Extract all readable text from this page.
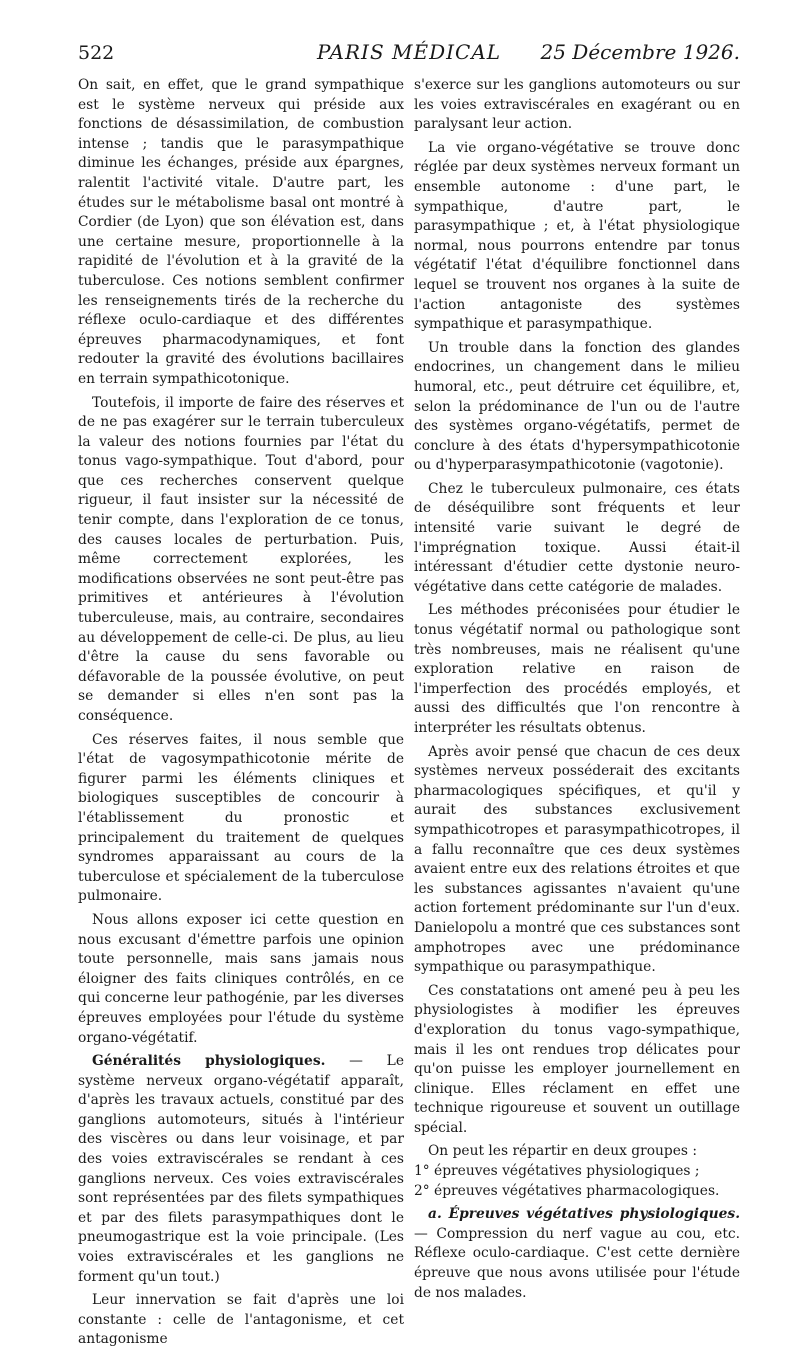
522	PARIS MÉDICAL	25 Décembre 1926.

On sait, en effet, que le grand sympathique est le système nerveux qui préside aux fonctions de désassimilation, de combustion intense ; tandis que le parasympathique diminue les échanges, préside aux épargnes, ralentit l'activité vitale. D'autre part, les études sur le métabolisme basal ont montré à Cordier (de Lyon) que son élévation est, dans une certaine mesure, proportionnelle à la rapidité de l'évolution et à la gravité de la tuberculose. Ces notions semblent confirmer les renseignements tirés de la recherche du réflexe oculo-cardiaque et des différentes épreuves pharmacodynamiques, et font redouter la gravité des évolutions bacillaires en terrain sympathicotonique.

Toutefois, il importe de faire des réserves et de ne pas exagérer sur le terrain tuberculeux la valeur des notions fournies par l'état du tonus vago-sympathique. Tout d'abord, pour que ces recherches conservent quelque rigueur, il faut insister sur la nécessité de tenir compte, dans l'exploration de ce tonus, des causes locales de perturbation. Puis, même correctement explorées, les modifications observées ne sont peut-être pas primitives et antérieures à l'évolution tuberculeuse, mais, au contraire, secondaires au développement de celle-ci. De plus, au lieu d'être la cause du sens favorable ou défavorable de la poussée évolutive, on peut se demander si elles n'en sont pas la conséquence.

Ces réserves faites, il nous semble que l'état de vagosympathicotonie mérite de figurer parmi les éléments cliniques et biologiques susceptibles de concourir à l'établissement du pronostic et principalement du traitement de quelques syndromes apparaissant au cours de la tuberculose et spécialement de la tuberculose pulmonaire.

Nous allons exposer ici cette question en nous excusant d'émettre parfois une opinion toute personnelle, mais sans jamais nous éloigner des faits cliniques contrôlés, en ce qui concerne leur pathogénie, par les diverses épreuves employées pour l'étude du système organo-végétatif.

Généralités physiologiques. — Le système nerveux organo-végétatif apparaît, d'après les travaux actuels, constitué par des ganglions automoteurs, situés à l'intérieur des viscères ou dans leur voisinage, et par des voies extraviscérales se rendant à ces ganglions nerveux. Ces voies extraviscérales sont représentées par des filets sympathiques et par des filets parasympathiques dont le pneumogastrique est la voie principale. (Les voies extraviscérales et les ganglions ne forment qu'un tout.)

Leur innervation se fait d'après une loi constante : celle de l'antagonisme, et cet antagonisme

s'exerce sur les ganglions automoteurs ou sur les voies extraviscérales en exagérant ou en paralysant leur action.

La vie organo-végétative se trouve donc réglée par deux systèmes nerveux formant un ensemble autonome : d'une part, le sympathique, d'autre part, le parasympathique ; et, à l'état physiologique normal, nous pourrons entendre par tonus végétatif l'état d'équilibre fonctionnel dans lequel se trouvent nos organes à la suite de l'action antagoniste des systèmes sympathique et parasympathique.

Un trouble dans la fonction des glandes endocrines, un changement dans le milieu humoral, etc., peut détruire cet équilibre, et, selon la prédominance de l'un ou de l'autre des systèmes organo-végétatifs, permet de conclure à des états d'hypersympathicotonie ou d'hyperparasympathicotonie (vagotonie).

Chez le tuberculeux pulmonaire, ces états de déséquilibre sont fréquents et leur intensité varie suivant le degré de l'imprégnation toxique. Aussi était-il intéressant d'étudier cette dystonie neuro-végétative dans cette catégorie de malades.

Les méthodes préconisées pour étudier le tonus végétatif normal ou pathologique sont très nombreuses, mais ne réalisent qu'une exploration relative en raison de l'imperfection des procédés employés, et aussi des difficultés que l'on rencontre à interpréter les résultats obtenus.

Après avoir pensé que chacun de ces deux systèmes nerveux posséderait des excitants pharmacologiques spécifiques, et qu'il y aurait des substances exclusivement sympathicotropes et parasympathicotropes, il a fallu reconnaître que ces deux systèmes avaient entre eux des relations étroites et que les substances agissantes n'avaient qu'une action fortement prédominante sur l'un d'eux. Danielopolu a montré que ces substances sont amphotropes avec une prédominance sympathique ou parasympathique.

Ces constatations ont amené peu à peu les physiologistes à modifier les épreuves d'exploration du tonus vago-sympathique, mais il les ont rendues trop délicates pour qu'on puisse les employer journellement en clinique. Elles réclament en effet une technique rigoureuse et souvent un outillage spécial.

On peut les répartir en deux groupes :

1° épreuves végétatives physiologiques ;

2° épreuves végétatives pharmacologiques.

a. Épreuves végétatives physiologiques. — Compression du nerf vague au cou, etc. Réflexe oculo-cardiaque. C'est cette dernière épreuve que nous avons utilisée pour l'étude de nos malades.
